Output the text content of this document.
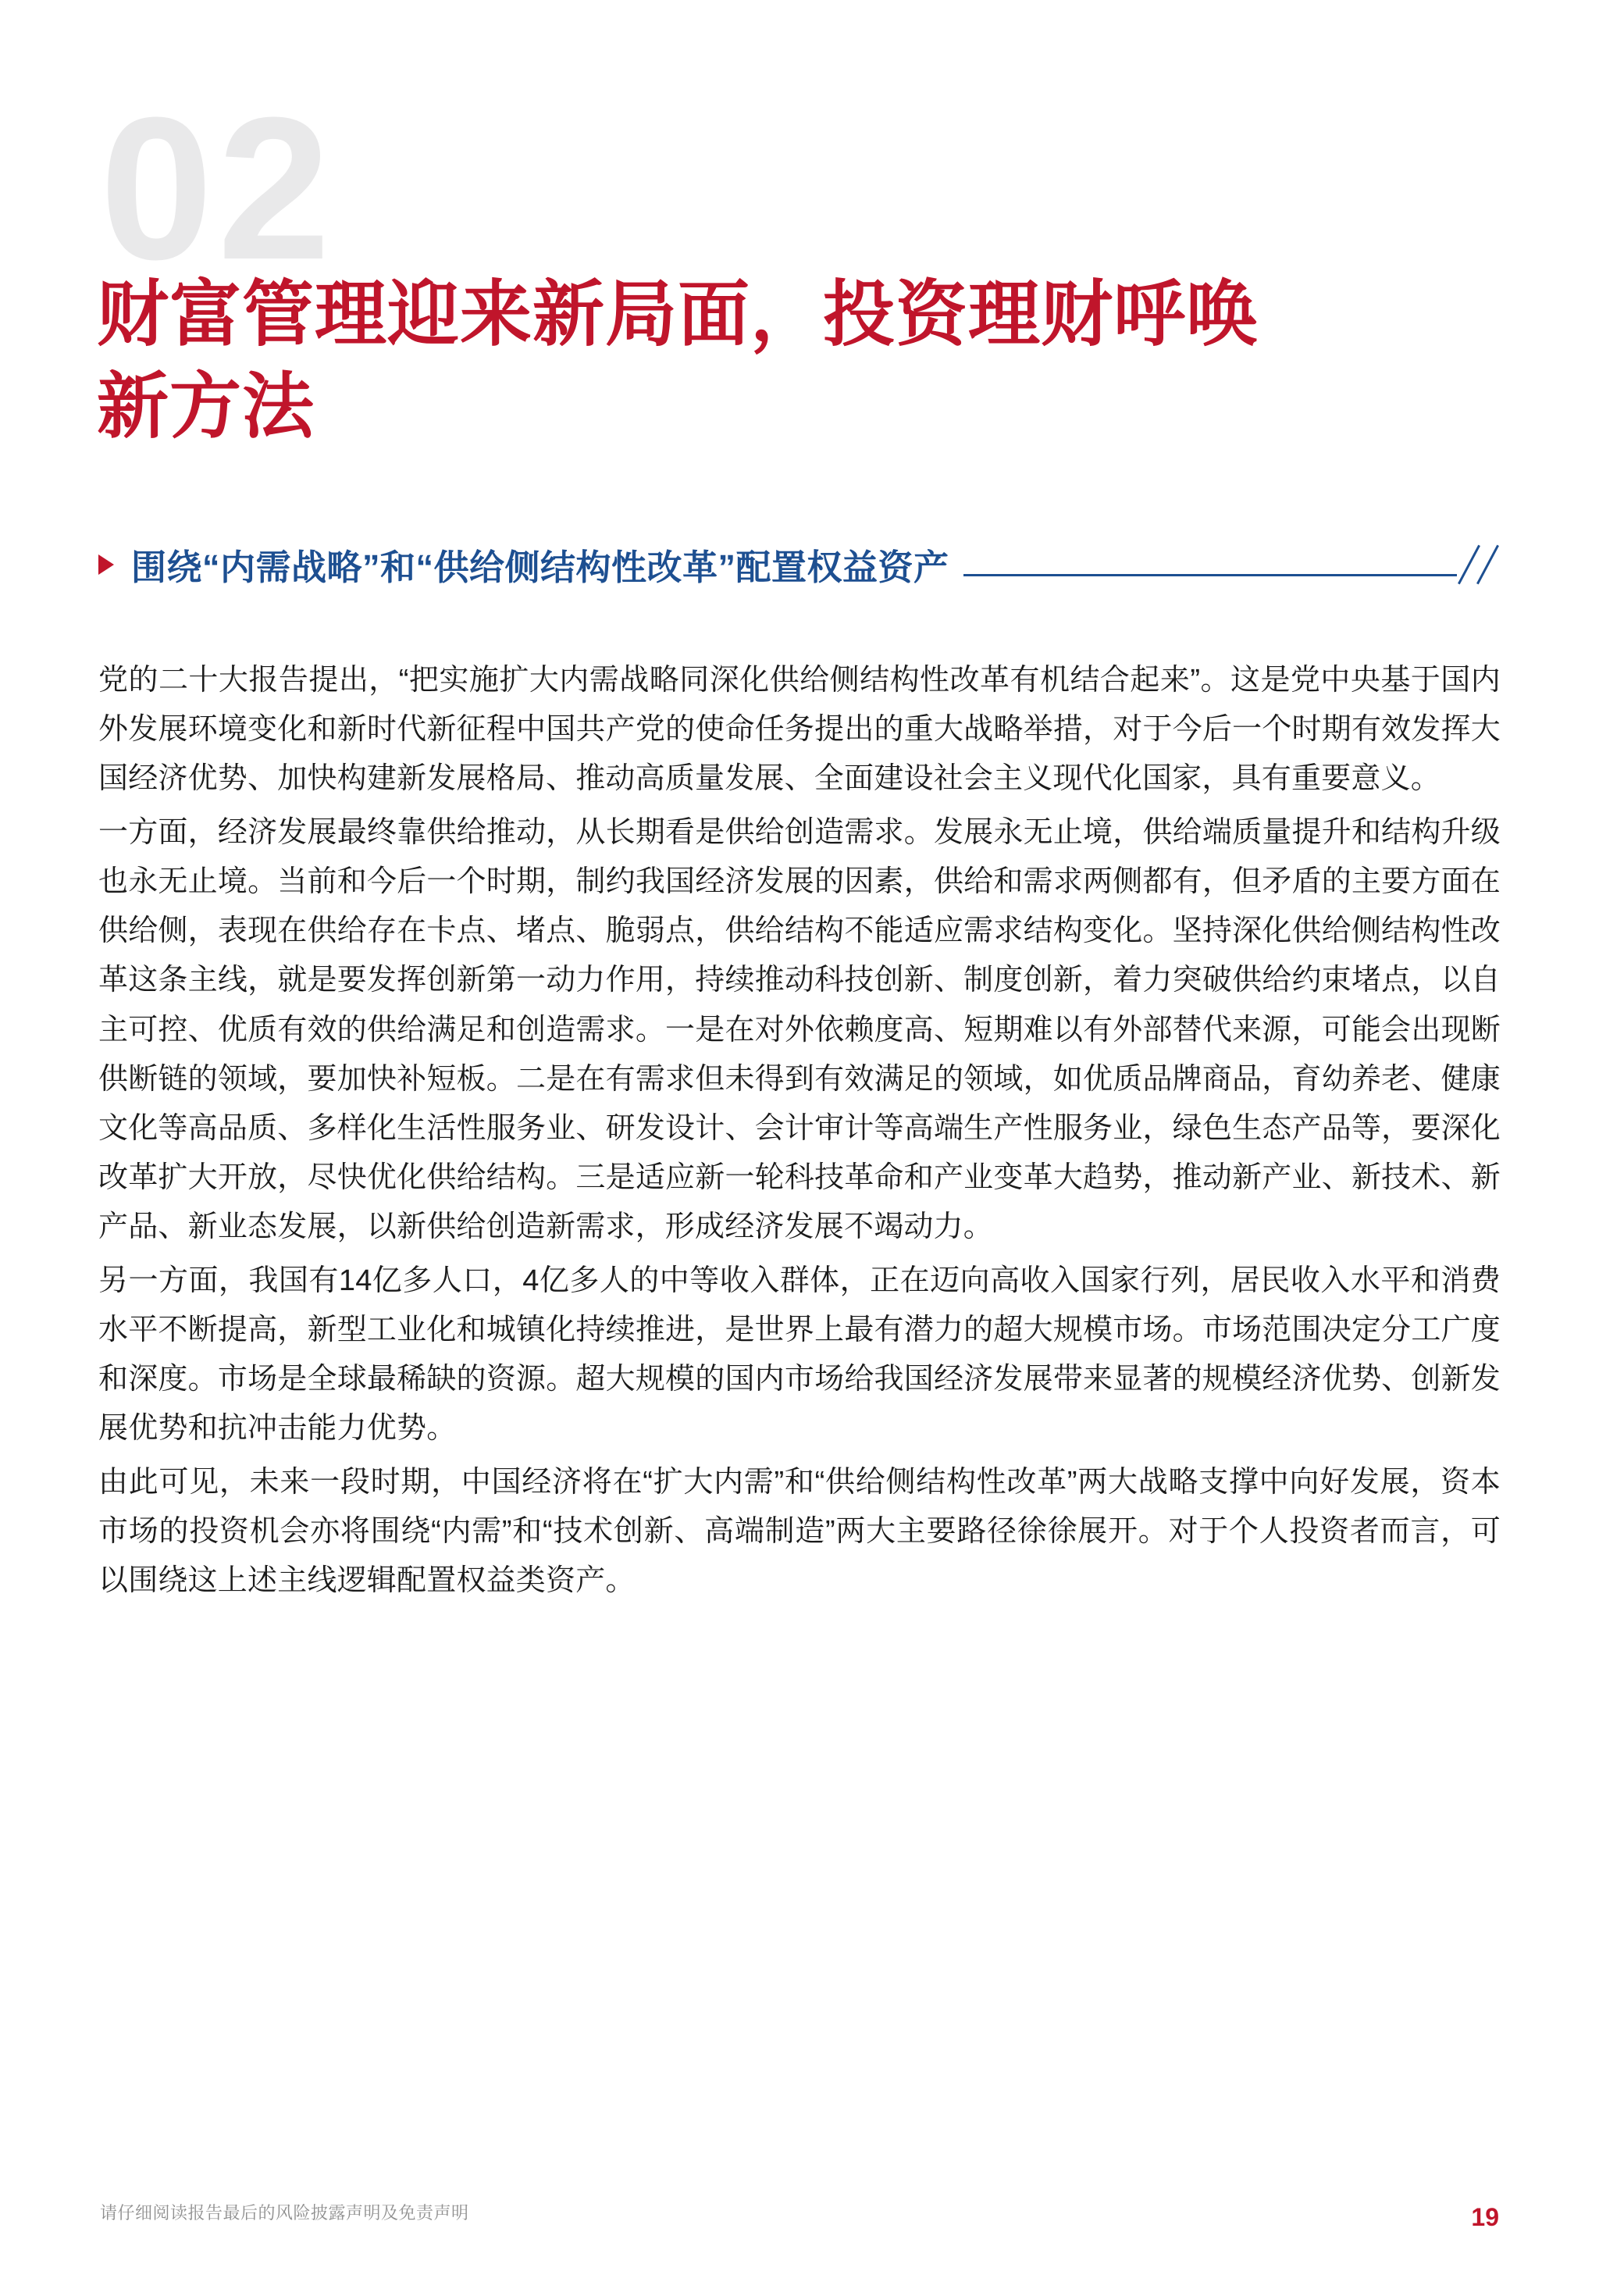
02
财富管理迎来新局面，投资理财呼唤
新方法
围绕“内需战略”和“供给侧结构性改革”配置权益资产

党的二十大报告提出，“把实施扩大内需战略同深化供给侧结构性改革有机结合起来”。这是党中央基于国内外发展环境变化和新时代新征程中国共产党的使命任务提出的重大战略举措，对于今后一个时期有效发挥大国经济优势、加快构建新发展格局、推动高质量发展、全面建设社会主义现代化国家，具有重要意义。

一方面，经济发展最终靠供给推动，从长期看是供给创造需求。发展永无止境，供给端质量提升和结构升级也永无止境。当前和今后一个时期，制约我国经济发展的因素，供给和需求两侧都有，但矛盾的主要方面在供给侧，表现在供给存在卡点、堵点、脆弱点，供给结构不能适应需求结构变化。坚持深化供给侧结构性改革这条主线，就是要发挥创新第一动力作用，持续推动科技创新、制度创新，着力突破供给约束堵点，以自主可控、优质有效的供给满足和创造需求。一是在对外依赖度高、短期难以有外部替代来源，可能会出现断供断链的领域，要加快补短板。二是在有需求但未得到有效满足的领域，如优质品牌商品，育幼养老、健康文化等高品质、多样化生活性服务业、研发设计、会计审计等高端生产性服务业，绿色生态产品等，要深化改革扩大开放，尽快优化供给结构。三是适应新一轮科技革命和产业变革大趋势，推动新产业、新技术、新产品、新业态发展，以新供给创造新需求，形成经济发展不竭动力。

另一方面，我国有14亿多人口，4亿多人的中等收入群体，正在迈向高收入国家行列，居民收入水平和消费水平不断提高，新型工业化和城镇化持续推进，是世界上最有潜力的超大规模市场。市场范围决定分工广度和深度。市场是全球最稀缺的资源。超大规模的国内市场给我国经济发展带来显著的规模经济优势、创新发展优势和抗冲击能力优势。

由此可见，未来一段时期，中国经济将在“扩大内需”和“供给侧结构性改革”两大战略支撑中向好发展，资本市场的投资机会亦将围绕“内需”和“技术创新、高端制造”两大主要路径徐徐展开。对于个人投资者而言，可以围绕这上述主线逻辑配置权益类资产。

请仔细阅读报告最后的风险披露声明及免责声明	19
